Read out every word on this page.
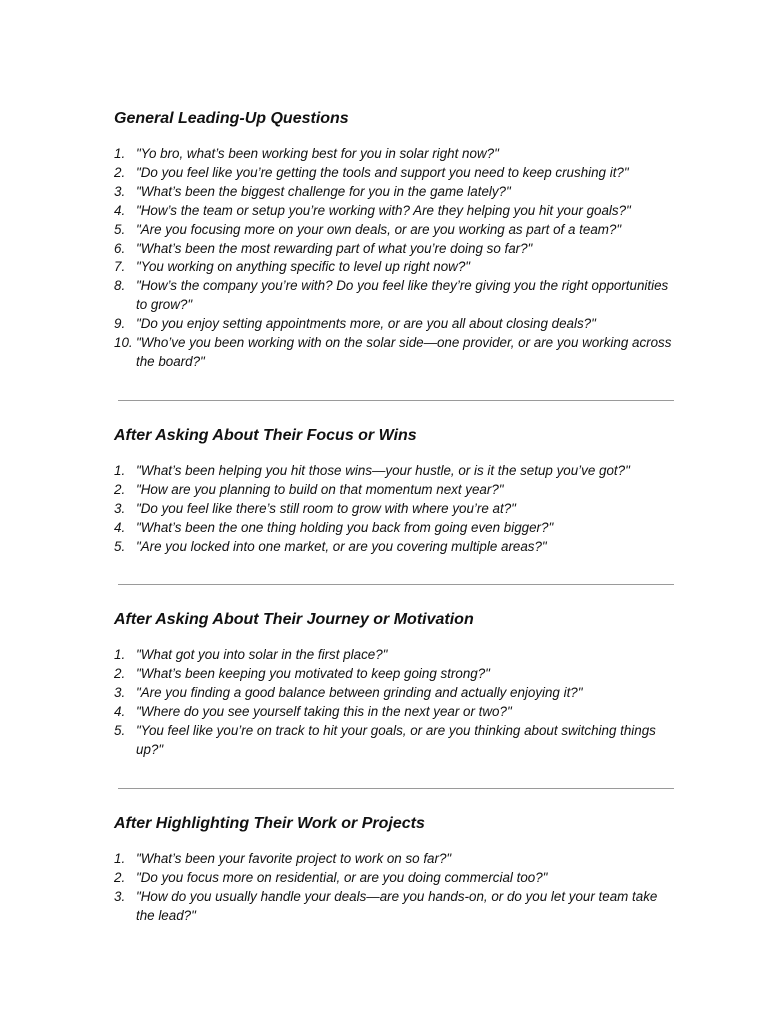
General Leading-Up Questions
1. "Yo bro, what’s been working best for you in solar right now?"
2. "Do you feel like you’re getting the tools and support you need to keep crushing it?"
3. "What’s been the biggest challenge for you in the game lately?"
4. "How’s the team or setup you’re working with? Are they helping you hit your goals?"
5. "Are you focusing more on your own deals, or are you working as part of a team?"
6. "What’s been the most rewarding part of what you’re doing so far?"
7. "You working on anything specific to level up right now?"
8. "How’s the company you’re with? Do you feel like they’re giving you the right opportunities to grow?"
9. "Do you enjoy setting appointments more, or are you all about closing deals?"
10. "Who’ve you been working with on the solar side—one provider, or are you working across the board?"
After Asking About Their Focus or Wins
1. "What’s been helping you hit those wins—your hustle, or is it the setup you’ve got?"
2. "How are you planning to build on that momentum next year?"
3. "Do you feel like there’s still room to grow with where you’re at?"
4. "What’s been the one thing holding you back from going even bigger?"
5. "Are you locked into one market, or are you covering multiple areas?"
After Asking About Their Journey or Motivation
1. "What got you into solar in the first place?"
2. "What’s been keeping you motivated to keep going strong?"
3. "Are you finding a good balance between grinding and actually enjoying it?"
4. "Where do you see yourself taking this in the next year or two?"
5. "You feel like you’re on track to hit your goals, or are you thinking about switching things up?"
After Highlighting Their Work or Projects
1. "What’s been your favorite project to work on so far?"
2. "Do you focus more on residential, or are you doing commercial too?"
3. "How do you usually handle your deals—are you hands-on, or do you let your team take the lead?"
